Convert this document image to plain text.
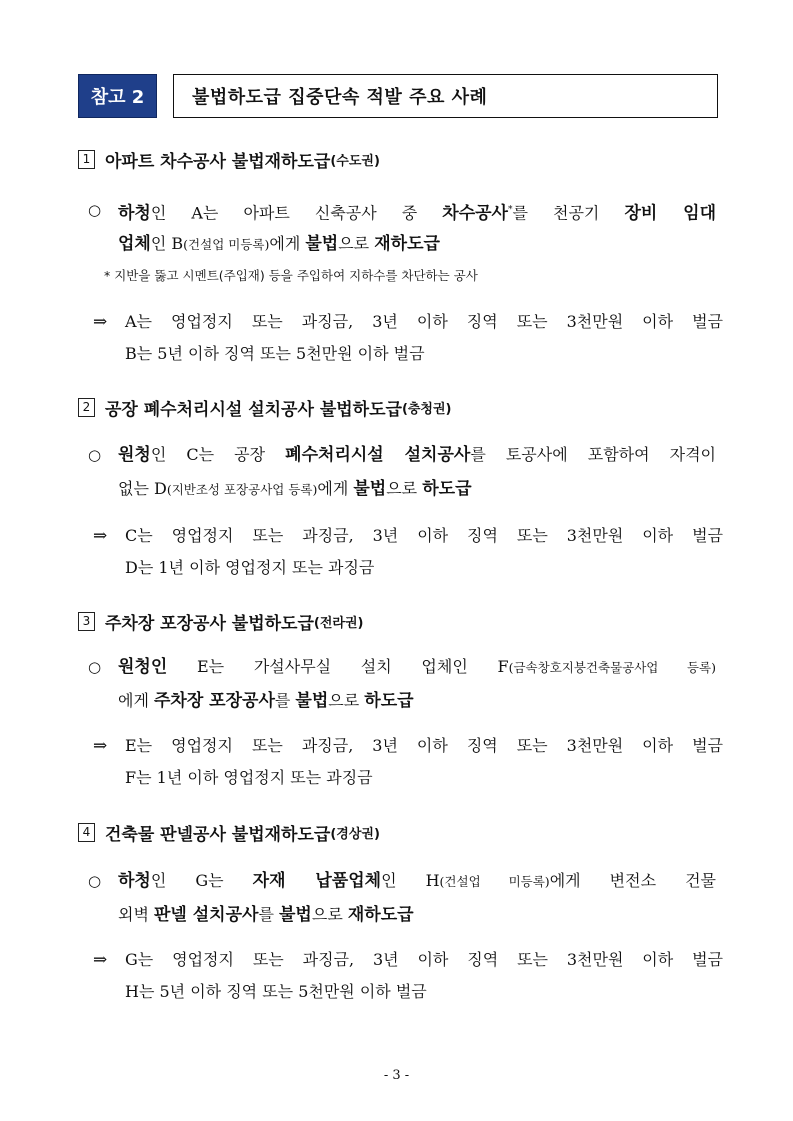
참고 2	불법하도급 집중단속 적발 주요 사례
1 아파트 차수공사 불법재하도급 (수도권)
○ 하청인 A는 아파트 신축공사 중 차수공사*를 천공기 장비 임대
업체인 B(건설업 미등록)에게 불법으로 재하도급
* 지반을 뚫고 시멘트(주입재) 등을 주입하여 지하수를 차단하는 공사
⇒	A는 영업정지 또는 과징금, 3년 이하 징역 또는 3천만원 이하 벌금
B는 5년 이하 징역 또는 5천만원 이하 벌금
2 공장 폐수처리시설 설치공사 불법하도급 (충청권)
○ 원청인 C는 공장 폐수처리시설 설치공사를 토공사에 포함하여 자격이
없는 D(지반조성 포장공사업 등록)에게 불법으로 하도급
⇒	C는 영업정지 또는 과징금, 3년 이하 징역 또는 3천만원 이하 벌금
D는 1년 이하 영업정지 또는 과징금
3 주차장 포장공사 불법하도급 (전라권)
○ 원청인 E는 가설사무실 설치 업체인 F(금속창호지붕건축물공사업 등록)
에게 주차장 포장공사를 불법으로 하도급
⇒	E는 영업정지 또는 과징금, 3년 이하 징역 또는 3천만원 이하 벌금
F는 1년 이하 영업정지 또는 과징금
4 건축물 판넬공사 불법재하도급 (경상권)
○ 하청인 G는 자재 납품업체인 H(건설업 미등록)에게 변전소 건물
외벽 판넬 설치공사를 불법으로 재하도급
⇒	G는 영업정지 또는 과징금, 3년 이하 징역 또는 3천만원 이하 벌금
H는 5년 이하 징역 또는 5천만원 이하 벌금
- 3 -
